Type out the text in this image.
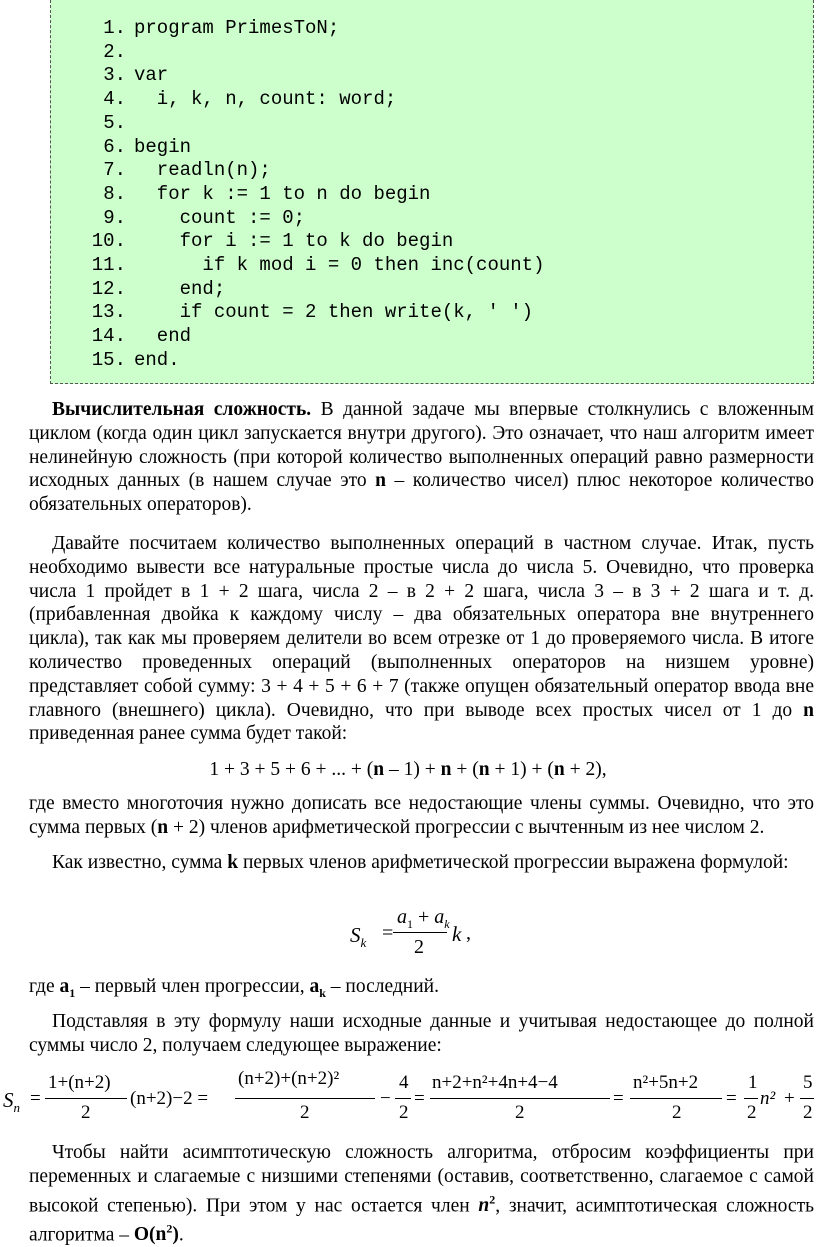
1. program PrimesToN;
2.
3. var
4.  i, k, n, count: word;
5.
6. begin
7.  readln(n);
8.  for k := 1 to n do begin
9.    count := 0;
10.    for i := 1 to k do begin
11.      if k mod i = 0 then inc(count)
12.    end;
13.    if count = 2 then write(k, ' ')
14.  end
15. end.

Вычислительная сложность. В данной задаче мы впервые столкнулись с вложенным циклом (когда один цикл запускается внутри другого). Это означает, что наш алгоритм имеет нелинейную сложность (при которой количество выполненных операций равно размерности исходных данных (в нашем случае это n – количество чисел) плюс некоторое количество обязательных операторов).

Давайте посчитаем количество выполненных операций в частном случае. Итак, пусть необходимо вывести все натуральные простые числа до числа 5. Очевидно, что проверка числа 1 пройдет в 1 + 2 шага, числа 2 – в 2 + 2 шага, числа 3 – в 3 + 2 шага и т. д. (прибавленная двойка к каждому числу – два обязательных оператора вне внутреннего цикла), так как мы проверяем делители во всем отрезке от 1 до проверяемого числа. В итоге количество проведенных операций (выполненных операторов на низшем уровне) представляет собой сумму: 3 + 4 + 5 + 6 + 7 (также опущен обязательный оператор ввода вне главного (внешнего) цикла). Очевидно, что при выводе всех простых чисел от 1 до n приведенная ранее сумма будет такой:

1 + 3 + 5 + 6 + ... + (n – 1) + n + (n + 1) + (n + 2),

где вместо многоточия нужно дописать все недостающие члены суммы. Очевидно, что это сумма первых (n + 2) членов арифметической прогрессии с вычтенным из нее числом 2.

Как известно, сумма k первых членов арифметической прогрессии выражена формулой:

$S_k$ =
$a_1 + a_k$
2
k ,

где $a_1$ – первый член прогрессии, $a_k$ – последний.

Подставляя в эту формулу наши исходные данные и учитывая недостающее до полной суммы число 2, получаем следующее выражение:

$S_n$ =
1+(n+2)
2
(n+2)−2 =
(n+2)+(n+2)²
2
−
4
2
=
n+2+n²+4n+4−4
2
=
n²+5n+2
2
=
1
2
n² +
5
2

Чтобы найти асимптотическую сложность алгоритма, отбросим коэффициенты при переменных и слагаемые с низшими степенями (оставив, соответственно, слагаемое с самой высокой степенью). При этом у нас остается член $n^2$, значит, асимптотическая сложность алгоритма – $O(n^2)$.
